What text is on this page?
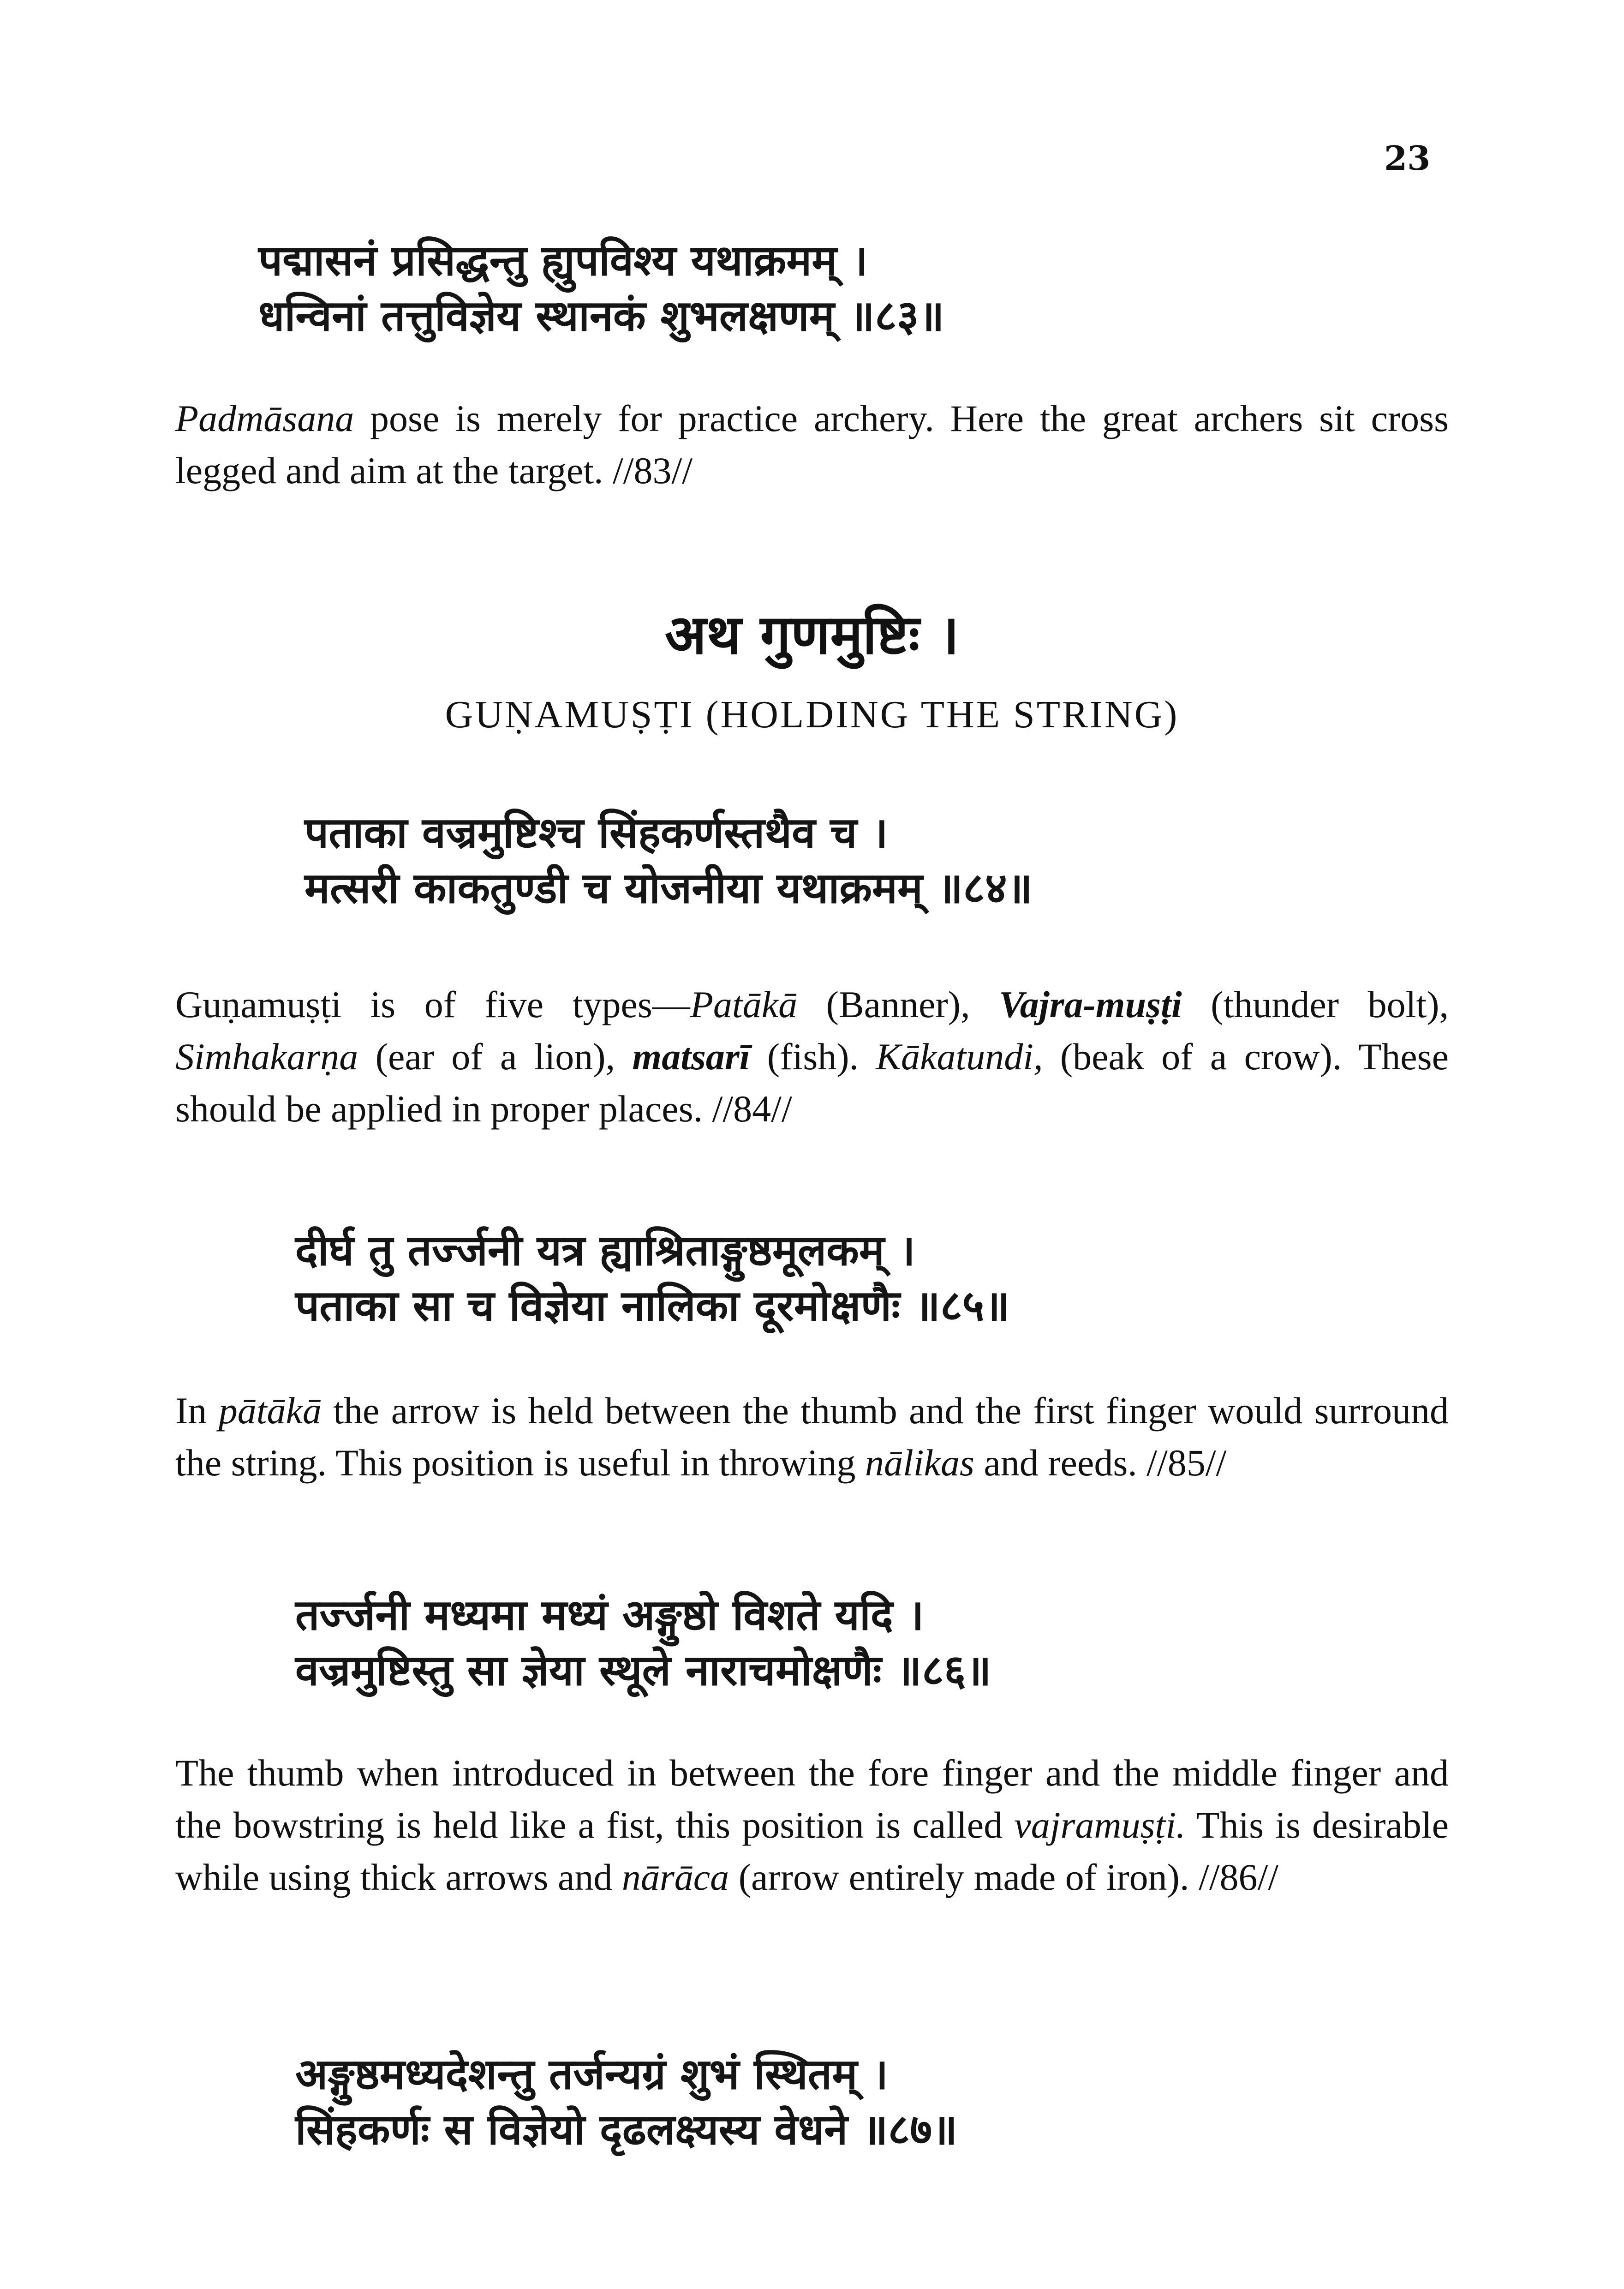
23
पद्मासनं प्रसिद्धन्तु ह्युपविश्य यथाक्रमम् ।
धन्विनां तत्तुविज्ञेय स्थानकं शुभलक्षणम् ॥८३॥

Padmāsana pose is merely for practice archery. Here the great archers sit cross legged and aim at the target. //83//

अथ गुणमुष्टिः ।
GUṆAMUṢṬI (HOLDING THE STRING)
पताका वज्रमुष्टिश्च सिंहकर्णस्तथैव च ।
मत्सरी काकतुण्डी च योजनीया यथाक्रमम् ॥८४॥

Guṇamuṣṭi is of five types—Patākā (Banner), Vajra-muṣṭi (thunder bolt), Simhakarṇa (ear of a lion), matsarī (fish). Kākatundi, (beak of a crow). These should be applied in proper places. //84//

दीर्घ तु तर्ज्जनी यत्र ह्याश्रिताङ्गुष्ठमूलकम् ।
पताका सा च विज्ञेया नालिका दूरमोक्षणैः ॥८५॥

In pātākā the arrow is held between the thumb and the first finger would surround the string. This position is useful in throwing nālikas and reeds. //85//

तर्ज्जनी मध्यमा मध्यं अङ्गुष्ठो विशते यदि ।
वज्रमुष्टिस्तु सा ज्ञेया स्थूले नाराचमोक्षणैः ॥८६॥

The thumb when introduced in between the fore finger and the middle finger and the bowstring is held like a fist, this position is called vajramuṣṭi. This is desirable while using thick arrows and nārāca (arrow entirely made of iron). //86//

अङ्गुष्ठमध्यदेशन्तु तर्जन्यग्रं शुभं स्थितम् ।
सिंहकर्णः स विज्ञेयो दृढलक्ष्यस्य वेधने ॥८७॥
